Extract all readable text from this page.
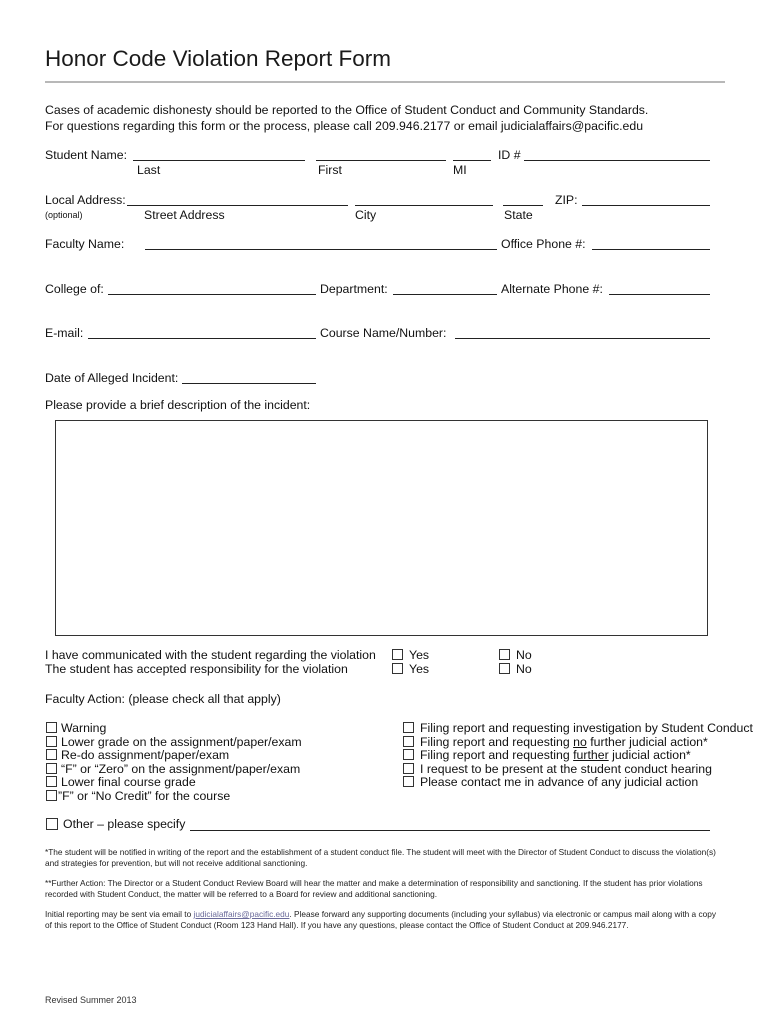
Honor Code Violation Report Form
Cases of academic dishonesty should be reported to the Office of Student Conduct and Community Standards.
For questions regarding this form or the process, please call 209.946.2177 or email judicialaffairs@pacific.edu
Student Name:	ID #
Last	First	MI
Local Address:	ZIP:
(optional)	Street Address	City	State
Faculty Name:	Office Phone #:
College of:	Department:	Alternate Phone #:
E-mail:	Course Name/Number:
Date of Alleged Incident:
Please provide a brief description of the incident:
I have communicated with the student regarding the violation	Yes	No
The student has accepted responsibility for the violation	Yes	No
Faculty Action: (please check all that apply)
Warning
Lower grade on the assignment/paper/exam
Re-do assignment/paper/exam
“F” or “Zero” on the assignment/paper/exam
Lower final course grade
”F” or “No Credit” for the course
Filing report and requesting investigation by Student Conduct
Filing report and requesting no further judicial action*
Filing report and requesting further judicial action*
I request to be present at the student conduct hearing
Please contact me in advance of any judicial action
Other – please specify
*The student will be notified in writing of the report and the establishment of a student conduct file. The student will meet with the Director of Student Conduct to discuss the violation(s) and strategies for prevention, but will not receive additional sanctioning.
**Further Action: The Director or a Student Conduct Review Board will hear the matter and make a determination of responsibility and sanctioning. If the student has prior violations recorded with Student Conduct, the matter will be referred to a Board for review and additional sanctioning.
Initial reporting may be sent via email to judicialaffairs@pacific.edu. Please forward any supporting documents (including your syllabus) via electronic or campus mail along with a copy of this report to the Office of Student Conduct (Room 123 Hand Hall). If you have any questions, please contact the Office of Student Conduct at 209.946.2177.
Revised Summer 2013
